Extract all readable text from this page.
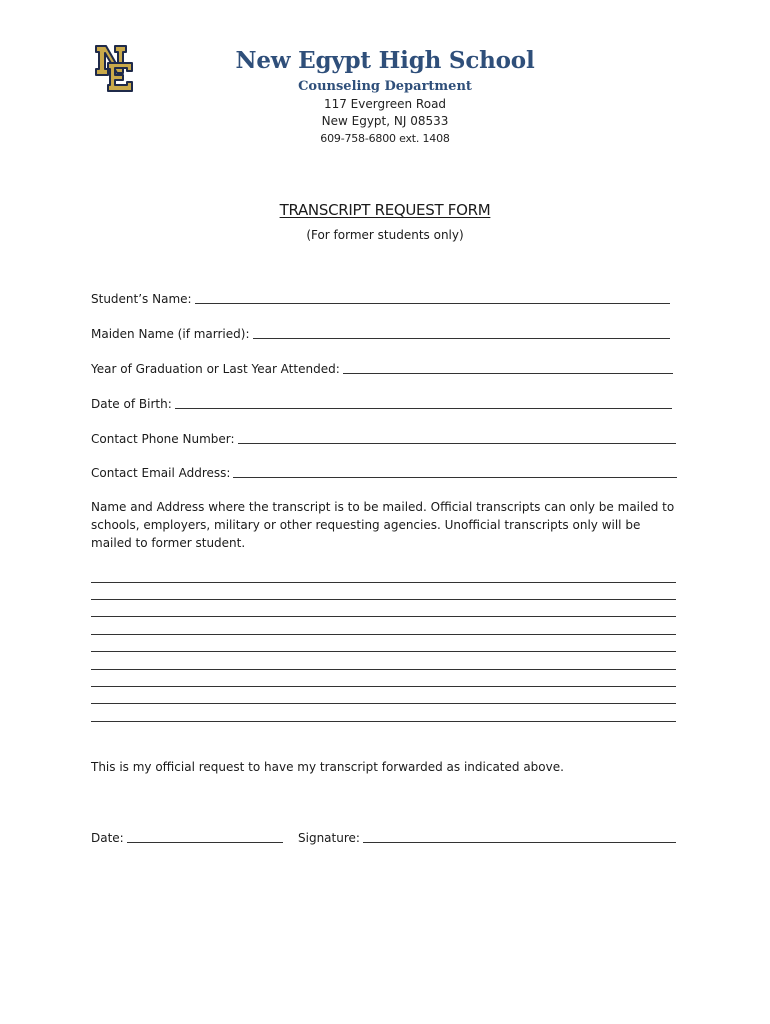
New Egypt High School
Counseling Department
117 Evergreen Road
New Egypt, NJ 08533
609-758-6800 ext. 1408
TRANSCRIPT REQUEST FORM
(For former students only)
Student’s Name:
Maiden Name (if married):
Year of Graduation or Last Year Attended:
Date of Birth:
Contact Phone Number:
Contact Email Address:
Name and Address where the transcript is to be mailed. Official transcripts can only be mailed to schools, employers, military or other requesting agencies. Unofficial transcripts only will be mailed to former student.
This is my official request to have my transcript forwarded as indicated above.
Date:	Signature:
